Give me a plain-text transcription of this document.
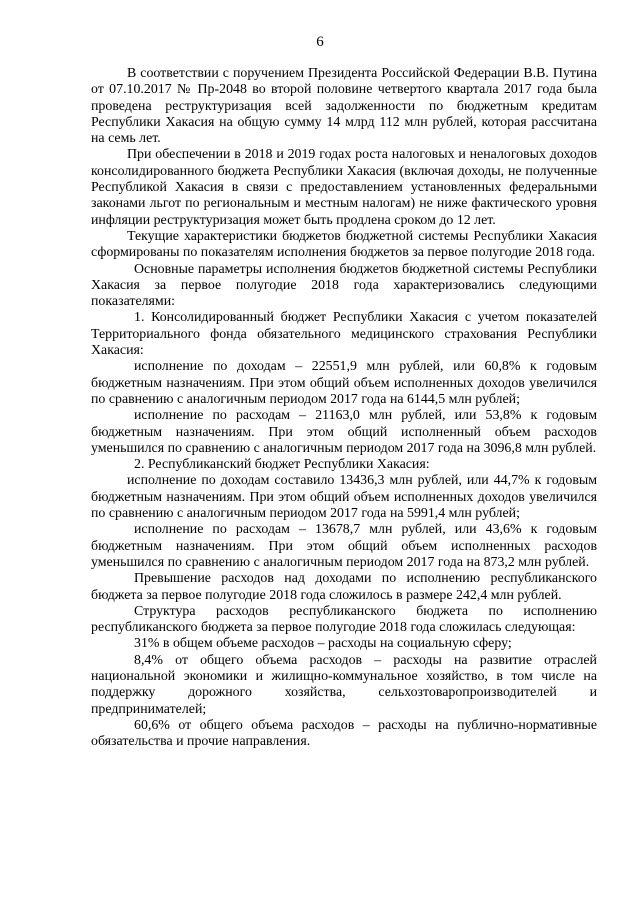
6

В соответствии с поручением Президента Российской Федерации В.В. Путина от 07.10.2017 № Пр-2048 во второй половине четвертого квартала 2017 года была проведена реструктуризация всей задолженности по бюджетным кредитам Республики Хакасия на общую сумму 14 млрд 112 млн рублей, которая рассчитана на семь лет.

При обеспечении в 2018 и 2019 годах роста налоговых и неналоговых доходов консолидированного бюджета Республики Хакасия (включая доходы, не полученные Республикой Хакасия в связи с предоставлением установленных федеральными законами льгот по региональным и местным налогам) не ниже фактического уровня инфляции реструктуризация может быть продлена сроком до 12 лет.

Текущие характеристики бюджетов бюджетной системы Республики Хакасия сформированы по показателям исполнения бюджетов за первое полугодие 2018 года.

Основные параметры исполнения бюджетов бюджетной системы Республики Хакасия за первое полугодие 2018 года характеризовались следующими показателями:

1. Консолидированный бюджет Республики Хакасия с учетом показателей Территориального фонда обязательного медицинского страхования Республики Хакасия:

исполнение по доходам – 22551,9 млн рублей, или 60,8% к годовым бюджетным назначениям. При этом общий объем исполненных доходов увеличился по сравнению с аналогичным периодом 2017 года на 6144,5 млн рублей;

исполнение по расходам – 21163,0 млн рублей, или 53,8% к годовым бюджетным назначениям. При этом общий исполненный объем расходов уменьшился по сравнению с аналогичным периодом 2017 года на 3096,8 млн рублей.

2. Республиканский бюджет Республики Хакасия:

исполнение по доходам составило 13436,3 млн рублей, или 44,7% к годовым бюджетным назначениям. При этом общий объем исполненных доходов увеличился по сравнению с аналогичным периодом 2017 года на 5991,4 млн рублей;

исполнение по расходам – 13678,7 млн рублей, или 43,6% к годовым бюджетным назначениям. При этом общий объем исполненных расходов уменьшился по сравнению с аналогичным периодом 2017 года на 873,2 млн рублей.

Превышение расходов над доходами по исполнению республиканского бюджета за первое полугодие 2018 года сложилось в размере 242,4 млн рублей.

Структура расходов республиканского бюджета по исполнению республиканского бюджета за первое полугодие 2018 года сложилась следующая:

31% в общем объеме расходов – расходы на социальную сферу;

8,4% от общего объема расходов – расходы на развитие отраслей национальной экономики и жилищно-коммунальное хозяйство, в том числе на поддержку дорожного хозяйства, сельхозтоваропроизводителей и предпринимателей;

60,6% от общего объема расходов – расходы на публично-нормативные обязательства и прочие направления.
